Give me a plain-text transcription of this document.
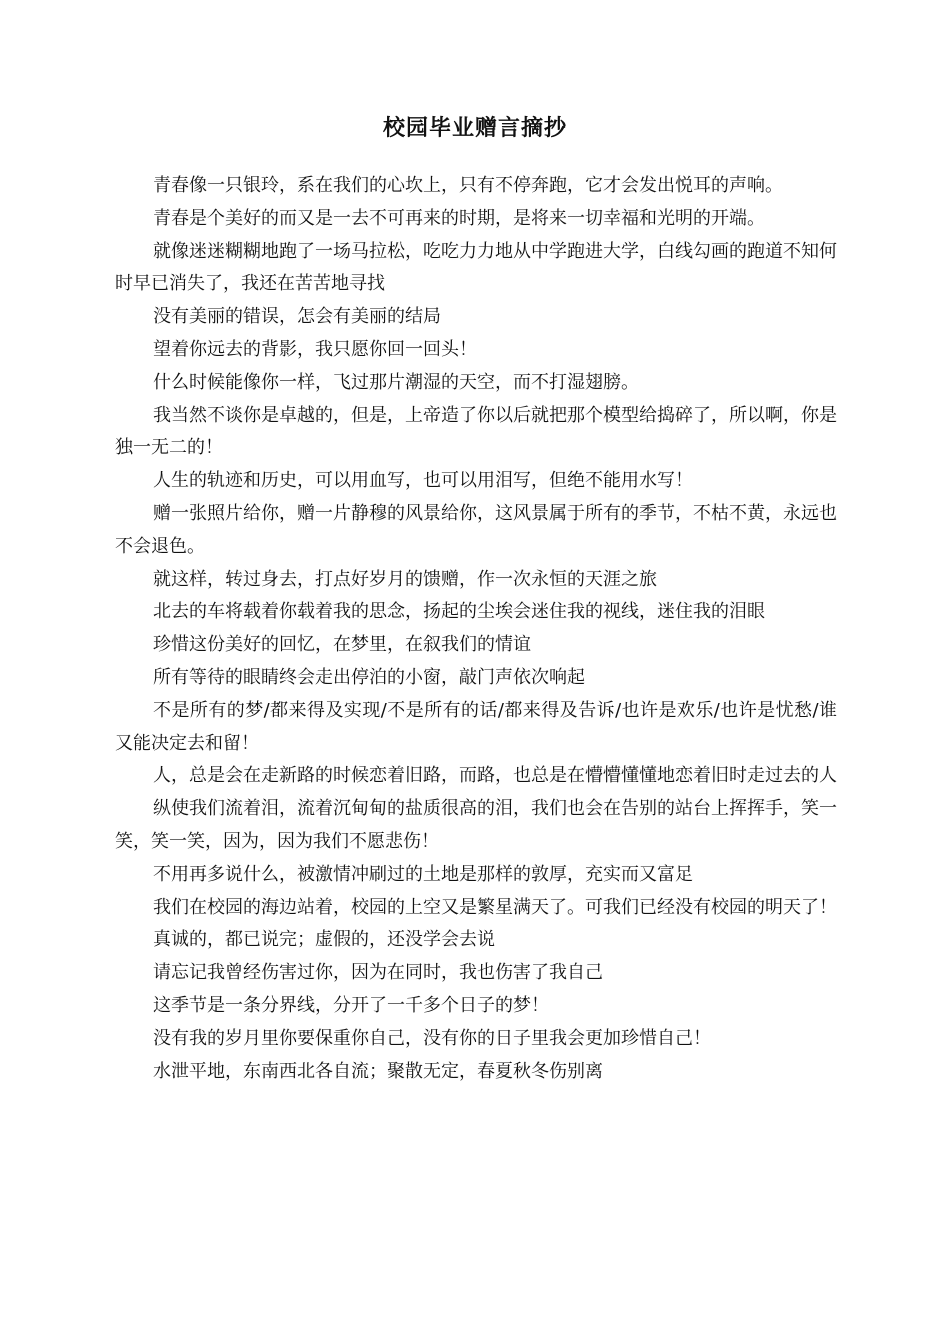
校园毕业赠言摘抄

青春像一只银玲，系在我们的心坎上，只有不停奔跑，它才会发出悦耳的声响。

青春是个美好的而又是一去不可再来的时期，是将来一切幸福和光明的开端。

就像迷迷糊糊地跑了一场马拉松，吃吃力力地从中学跑进大学，白线勾画的跑道不知何时早已消失了，我还在苦苦地寻找

没有美丽的错误，怎会有美丽的结局

望着你远去的背影，我只愿你回一回头！

什么时候能像你一样，飞过那片潮湿的天空，而不打湿翅膀。

我当然不谈你是卓越的，但是，上帝造了你以后就把那个模型给捣碎了，所以啊，你是独一无二的！

人生的轨迹和历史，可以用血写，也可以用泪写，但绝不能用水写！

赠一张照片给你，赠一片静穆的风景给你，这风景属于所有的季节，不枯不黄，永远也不会退色。

就这样，转过身去，打点好岁月的馈赠，作一次永恒的天涯之旅

北去的车将载着你载着我的思念，扬起的尘埃会迷住我的视线，迷住我的泪眼

珍惜这份美好的回忆，在梦里，在叙我们的情谊

所有等待的眼睛终会走出停泊的小窗，敲门声依次响起

不是所有的梦/都来得及实现/不是所有的话/都来得及告诉/也许是欢乐/也许是忧愁/谁又能决定去和留！

人，总是会在走新路的时候恋着旧路，而路，也总是在懵懵懂懂地恋着旧时走过去的人

纵使我们流着泪，流着沉甸甸的盐质很高的泪，我们也会在告别的站台上挥挥手，笑一笑，笑一笑，因为，因为我们不愿悲伤！

不用再多说什么，被激情冲刷过的土地是那样的敦厚，充实而又富足

我们在校园的海边站着，校园的上空又是繁星满天了。可我们已经没有校园的明天了！

真诚的，都已说完；虚假的，还没学会去说

请忘记我曾经伤害过你，因为在同时，我也伤害了我自己

这季节是一条分界线，分开了一千多个日子的梦！

没有我的岁月里你要保重你自己，没有你的日子里我会更加珍惜自己！

水泄平地，东南西北各自流；聚散无定，春夏秋冬伤别离
